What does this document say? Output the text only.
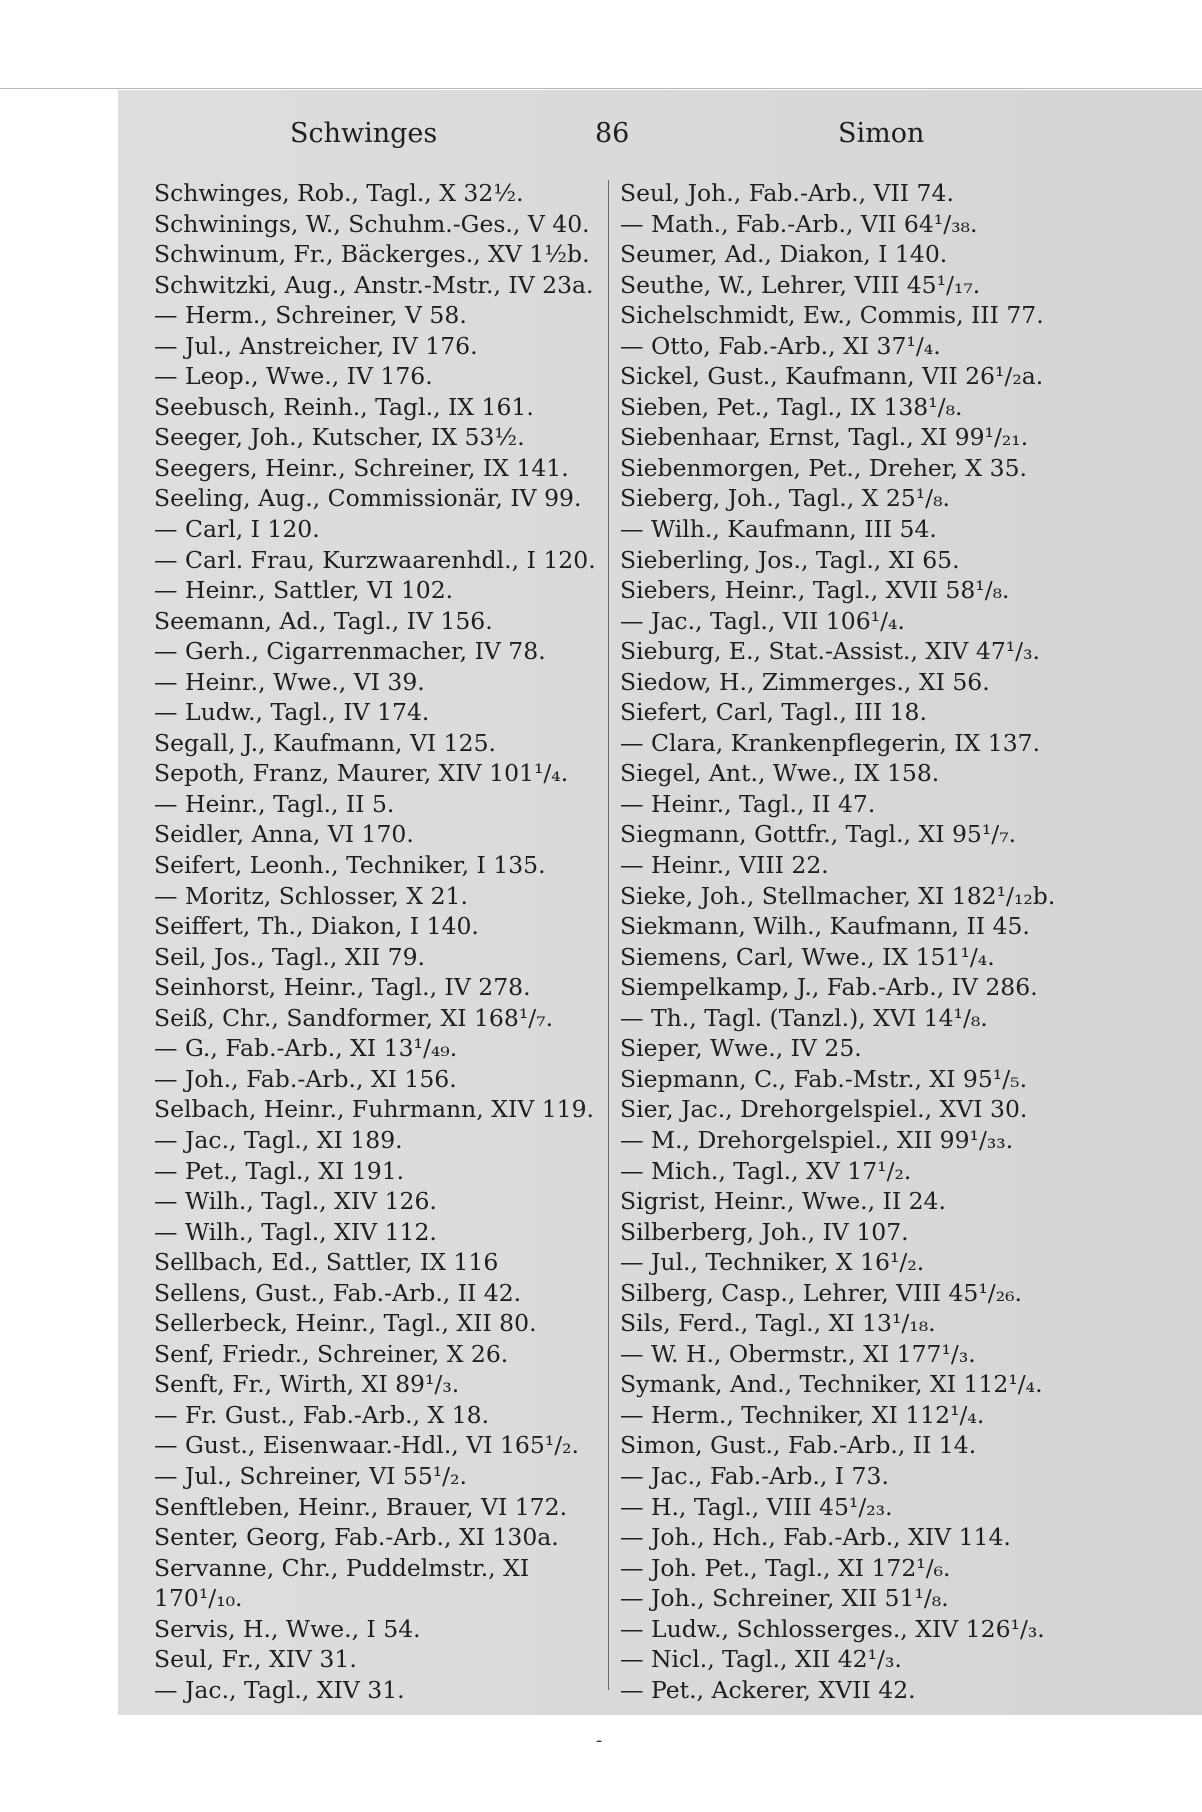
Schwinges	86	Simon
Schwinges, Rob., Tagl., X 32½.
Schwinings, W., Schuhm.-Ges., V 40.
Schwinum, Fr., Bäckerges., XV 1½b.
Schwitzki, Aug., Anstr.-Mstr., IV 23a.
— Herm., Schreiner, V 58.
— Jul., Anstreicher, IV 176.
— Leop., Wwe., IV 176.
Seebusch, Reinh., Tagl., IX 161.
Seeger, Joh., Kutscher, IX 53½.
Seegers, Heinr., Schreiner, IX 141.
Seeling, Aug., Commissionär, IV 99.
— Carl, I 120.
— Carl. Frau, Kurzwaarenhdl., I 120.
— Heinr., Sattler, VI 102.
Seemann, Ad., Tagl., IV 156.
— Gerh., Cigarrenmacher, IV 78.
— Heinr., Wwe., VI 39.
— Ludw., Tagl., IV 174.
Segall, J., Kaufmann, VI 125.
Sepoth, Franz, Maurer, XIV 101¹/₄.
— Heinr., Tagl., II 5.
Seidler, Anna, VI 170.
Seifert, Leonh., Techniker, I 135.
— Moritz, Schlosser, X 21.
Seiffert, Th., Diakon, I 140.
Seil, Jos., Tagl., XII 79.
Seinhorst, Heinr., Tagl., IV 278.
Seiß, Chr., Sandformer, XI 168¹/₇.
— G., Fab.-Arb., XI 13¹/₄₉.
— Joh., Fab.-Arb., XI 156.
Selbach, Heinr., Fuhrmann, XIV 119.
— Jac., Tagl., XI 189.
— Pet., Tagl., XI 191.
— Wilh., Tagl., XIV 126.
— Wilh., Tagl., XIV 112.
Sellbach, Ed., Sattler, IX 116
Sellens, Gust., Fab.-Arb., II 42.
Sellerbeck, Heinr., Tagl., XII 80.
Senf, Friedr., Schreiner, X 26.
Senft, Fr., Wirth, XI 89¹/₃.
— Fr. Gust., Fab.-Arb., X 18.
— Gust., Eisenwaar.-Hdl., VI 165¹/₂.
— Jul., Schreiner, VI 55¹/₂.
Senftleben, Heinr., Brauer, VI 172.
Senter, Georg, Fab.-Arb., XI 130a.
Servanne, Chr., Puddelmstr., XI
170¹/₁₀.
Servis, H., Wwe., I 54.
Seul, Fr., XIV 31.
— Jac., Tagl., XIV 31.
Seul, Joh., Fab.-Arb., VII 74.
— Math., Fab.-Arb., VII 64¹/₃₈.
Seumer, Ad., Diakon, I 140.
Seuthe, W., Lehrer, VIII 45¹/₁₇.
Sichelschmidt, Ew., Commis, III 77.
— Otto, Fab.-Arb., XI 37¹/₄.
Sickel, Gust., Kaufmann, VII 26¹/₂a.
Sieben, Pet., Tagl., IX 138¹/₈.
Siebenhaar, Ernst, Tagl., XI 99¹/₂₁.
Siebenmorgen, Pet., Dreher, X 35.
Sieberg, Joh., Tagl., X 25¹/₈.
— Wilh., Kaufmann, III 54.
Sieberling, Jos., Tagl., XI 65.
Siebers, Heinr., Tagl., XVII 58¹/₈.
— Jac., Tagl., VII 106¹/₄.
Sieburg, E., Stat.-Assist., XIV 47¹/₃.
Siedow, H., Zimmerges., XI 56.
Siefert, Carl, Tagl., III 18.
— Clara, Krankenpflegerin, IX 137.
Siegel, Ant., Wwe., IX 158.
— Heinr., Tagl., II 47.
Siegmann, Gottfr., Tagl., XI 95¹/₇.
— Heinr., VIII 22.
Sieke, Joh., Stellmacher, XI 182¹/₁₂b.
Siekmann, Wilh., Kaufmann, II 45.
Siemens, Carl, Wwe., IX 151¹/₄.
Siempelkamp, J., Fab.-Arb., IV 286.
— Th., Tagl. (Tanzl.), XVI 14¹/₈.
Sieper, Wwe., IV 25.
Siepmann, C., Fab.-Mstr., XI 95¹/₅.
Sier, Jac., Drehorgelspiel., XVI 30.
— M., Drehorgelspiel., XII 99¹/₃₃.
— Mich., Tagl., XV 17¹/₂.
Sigrist, Heinr., Wwe., II 24.
Silberberg, Joh., IV 107.
— Jul., Techniker, X 16¹/₂.
Silberg, Casp., Lehrer, VIII 45¹/₂₆.
Sils, Ferd., Tagl., XI 13¹/₁₈.
— W. H., Obermstr., XI 177¹/₃.
Symank, And., Techniker, XI 112¹/₄.
— Herm., Techniker, XI 112¹/₄.
Simon, Gust., Fab.-Arb., II 14.
— Jac., Fab.-Arb., I 73.
— H., Tagl., VIII 45¹/₂₃.
— Joh., Hch., Fab.-Arb., XIV 114.
— Joh. Pet., Tagl., XI 172¹/₆.
— Joh., Schreiner, XII 51¹/₈.
— Ludw., Schlosserges., XIV 126¹/₃.
— Nicl., Tagl., XII 42¹/₃.
— Pet., Ackerer, XVII 42.
-
